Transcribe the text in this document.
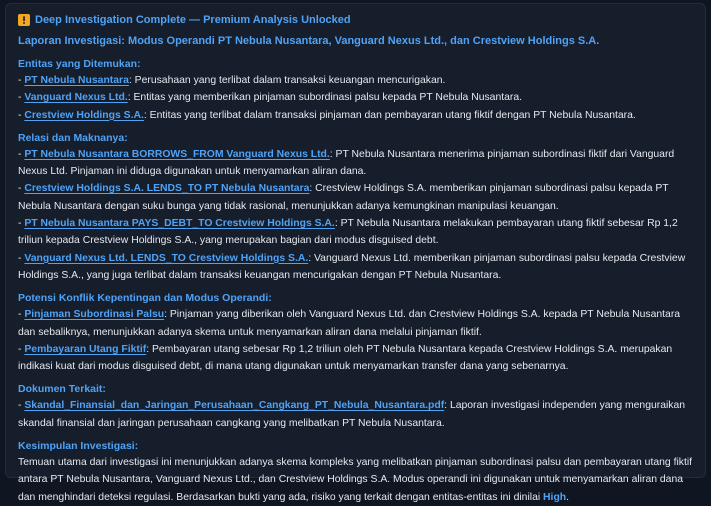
Deep Investigation Complete — Premium Analysis Unlocked
Laporan Investigasi: Modus Operandi PT Nebula Nusantara, Vanguard Nexus Ltd., dan Crestview Holdings S.A.
Entitas yang Ditemukan:
- PT Nebula Nusantara: Perusahaan yang terlibat dalam transaksi keuangan mencurigakan.
- Vanguard Nexus Ltd.: Entitas yang memberikan pinjaman subordinasi palsu kepada PT Nebula Nusantara.
- Crestview Holdings S.A.: Entitas yang terlibat dalam transaksi pinjaman dan pembayaran utang fiktif dengan PT Nebula Nusantara.
Relasi dan Maknanya:
- PT Nebula Nusantara BORROWS_FROM Vanguard Nexus Ltd.: PT Nebula Nusantara menerima pinjaman subordinasi fiktif dari Vanguard Nexus Ltd. Pinjaman ini diduga digunakan untuk menyamarkan aliran dana.
- Crestview Holdings S.A. LENDS_TO PT Nebula Nusantara: Crestview Holdings S.A. memberikan pinjaman subordinasi palsu kepada PT Nebula Nusantara dengan suku bunga yang tidak rasional, menunjukkan adanya kemungkinan manipulasi keuangan.
- PT Nebula Nusantara PAYS_DEBT_TO Crestview Holdings S.A.: PT Nebula Nusantara melakukan pembayaran utang fiktif sebesar Rp 1,2 triliun kepada Crestview Holdings S.A., yang merupakan bagian dari modus disguised debt.
- Vanguard Nexus Ltd. LENDS_TO Crestview Holdings S.A.: Vanguard Nexus Ltd. memberikan pinjaman subordinasi palsu kepada Crestview Holdings S.A., yang juga terlibat dalam transaksi keuangan mencurigakan dengan PT Nebula Nusantara.
Potensi Konflik Kepentingan dan Modus Operandi:
- Pinjaman Subordinasi Palsu: Pinjaman yang diberikan oleh Vanguard Nexus Ltd. dan Crestview Holdings S.A. kepada PT Nebula Nusantara dan sebaliknya, menunjukkan adanya skema untuk menyamarkan aliran dana melalui pinjaman fiktif.
- Pembayaran Utang Fiktif: Pembayaran utang sebesar Rp 1,2 triliun oleh PT Nebula Nusantara kepada Crestview Holdings S.A. merupakan indikasi kuat dari modus disguised debt, di mana utang digunakan untuk menyamarkan transfer dana yang sebenarnya.
Dokumen Terkait:
- Skandal_Finansial_dan_Jaringan_Perusahaan_Cangkang_PT_Nebula_Nusantara.pdf: Laporan investigasi independen yang menguraikan skandal finansial dan jaringan perusahaan cangkang yang melibatkan PT Nebula Nusantara.
Kesimpulan Investigasi:
Temuan utama dari investigasi ini menunjukkan adanya skema kompleks yang melibatkan pinjaman subordinasi palsu dan pembayaran utang fiktif antara PT Nebula Nusantara, Vanguard Nexus Ltd., dan Crestview Holdings S.A. Modus operandi ini digunakan untuk menyamarkan aliran dana dan menghindari deteksi regulasi. Berdasarkan bukti yang ada, risiko yang terkait dengan entitas-entitas ini dinilai High.
